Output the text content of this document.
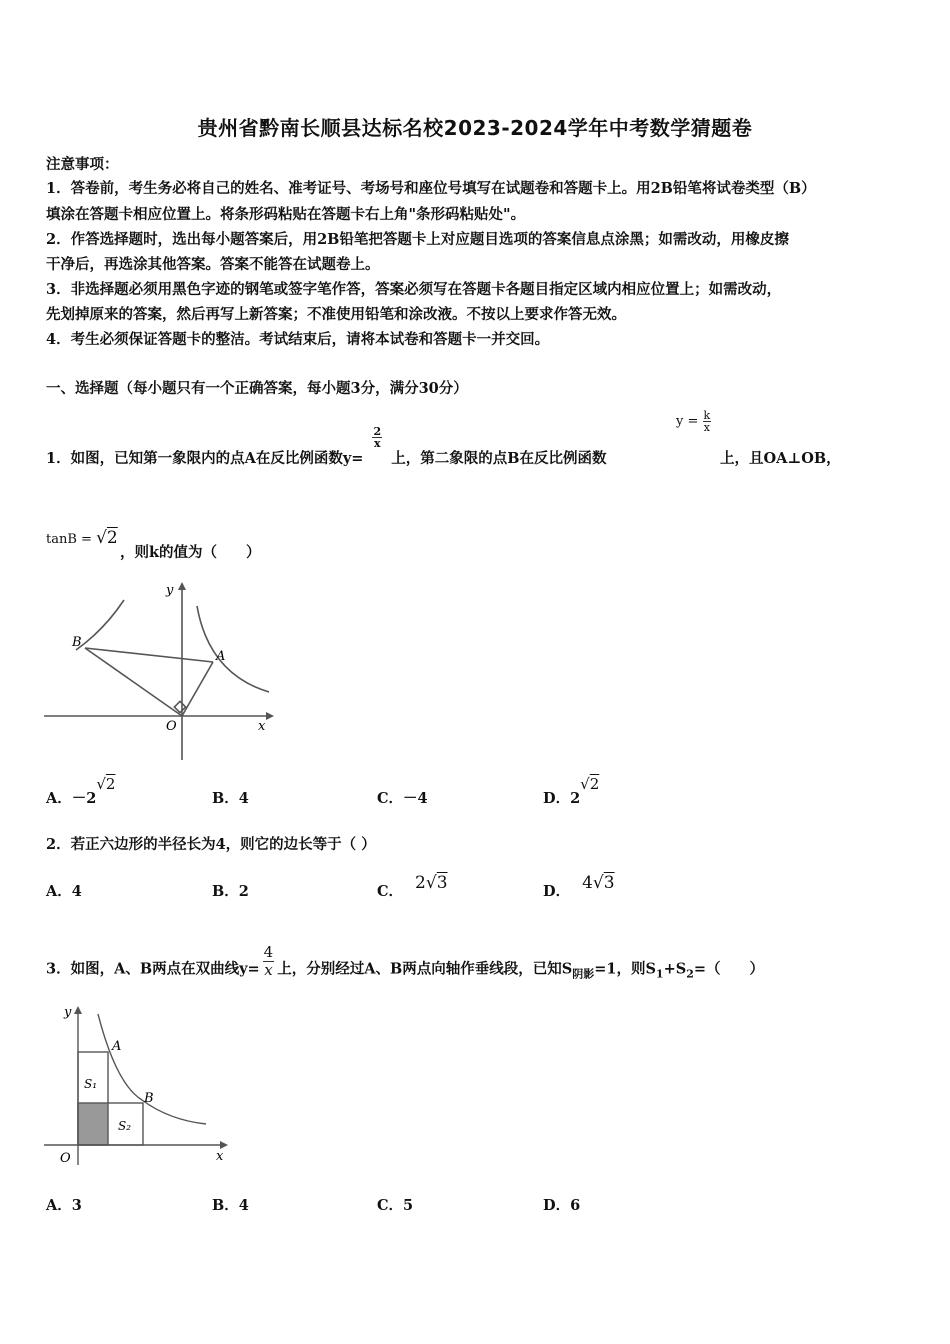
贵州省黔南长顺县达标名校2023-2024学年中考数学猜题卷
注意事项：
1．答卷前，考生务必将自己的姓名、准考证号、考场号和座位号填写在试题卷和答题卡上。用2B铅笔将试卷类型（B）
填涂在答题卡相应位置上。将条形码粘贴在答题卡右上角"条形码粘贴处"。
2．作答选择题时，选出每小题答案后，用2B铅笔把答题卡上对应题目选项的答案信息点涂黑；如需改动，用橡皮擦
干净后，再选涂其他答案。答案不能答在试题卷上。
3．非选择题必须用黑色字迹的钢笔或签字笔作答，答案必须写在答题卡各题目指定区域内相应位置上；如需改动，
先划掉原来的答案，然后再写上新答案；不准使用铅笔和涂改液。不按以上要求作答无效。
4．考生必须保证答题卡的整洁。考试结束后，请将本试卷和答题卡一并交回。
一、选择题（每小题只有一个正确答案，每小题3分，满分30分）
1．如图，已知第一象限内的点A在反比例函数y=
$\frac{2}{x}$
上，第二象限的点B在反比例函数
$y = \frac{k}{x}$
上，且OA⊥OB，
tanB = √2
，则k的值为（　　）
y
x
O
A
B
A．－2√2
B．4	C．－4	D．2√2
2．若正六边形的半径长为4，则它的边长等于（ ）
A．4	B．2	C． 2√3	D． 4√3
3．如图，A、B两点在双曲线$y= \frac{4}{x}$ 上，分别经过A、B两点向轴作垂线段，已知$S_{阴影}=1$，则$S_1+S_2=$（　　）
y
x
O
A
B
S₁
S₂
A．3	B．4	C．5	D．6
